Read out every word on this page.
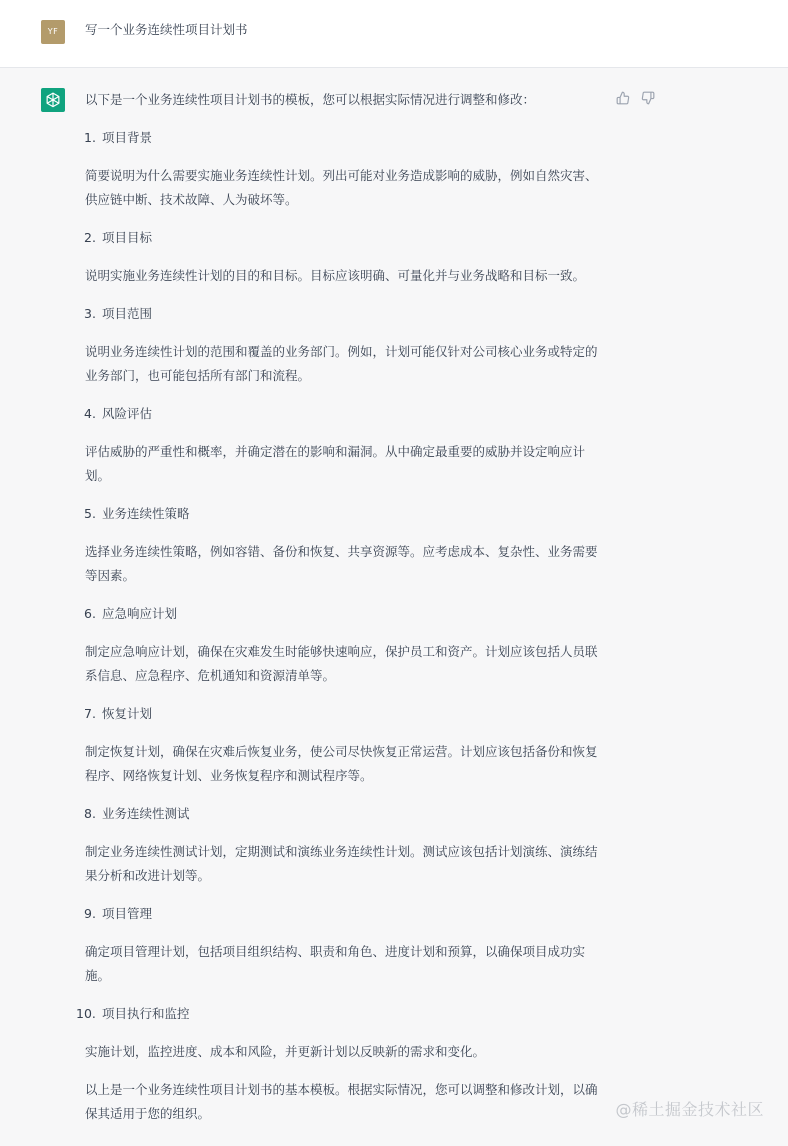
YF	写一个业务连续性项目计划书

以下是一个业务连续性项目计划书的模板，您可以根据实际情况进行调整和修改：

1. 项目背景

简要说明为什么需要实施业务连续性计划。列出可能对业务造成影响的威胁，例如自然灾害、供应链中断、技术故障、人为破坏等。

2. 项目目标

说明实施业务连续性计划的目的和目标。目标应该明确、可量化并与业务战略和目标一致。

3. 项目范围

说明业务连续性计划的范围和覆盖的业务部门。例如，计划可能仅针对公司核心业务或特定的业务部门，也可能包括所有部门和流程。

4. 风险评估

评估威胁的严重性和概率，并确定潜在的影响和漏洞。从中确定最重要的威胁并设定响应计划。

5. 业务连续性策略

选择业务连续性策略，例如容错、备份和恢复、共享资源等。应考虑成本、复杂性、业务需要等因素。

6. 应急响应计划

制定应急响应计划，确保在灾难发生时能够快速响应，保护员工和资产。计划应该包括人员联系信息、应急程序、危机通知和资源清单等。

7. 恢复计划

制定恢复计划，确保在灾难后恢复业务，使公司尽快恢复正常运营。计划应该包括备份和恢复程序、网络恢复计划、业务恢复程序和测试程序等。

8. 业务连续性测试

制定业务连续性测试计划，定期测试和演练业务连续性计划。测试应该包括计划演练、演练结果分析和改进计划等。

9. 项目管理

确定项目管理计划，包括项目组织结构、职责和角色、进度计划和预算，以确保项目成功实施。

10. 项目执行和监控

实施计划，监控进度、成本和风险，并更新计划以反映新的需求和变化。

以上是一个业务连续性项目计划书的基本模板。根据实际情况，您可以调整和修改计划，以确保其适用于您的组织。	@稀土掘金技术社区
